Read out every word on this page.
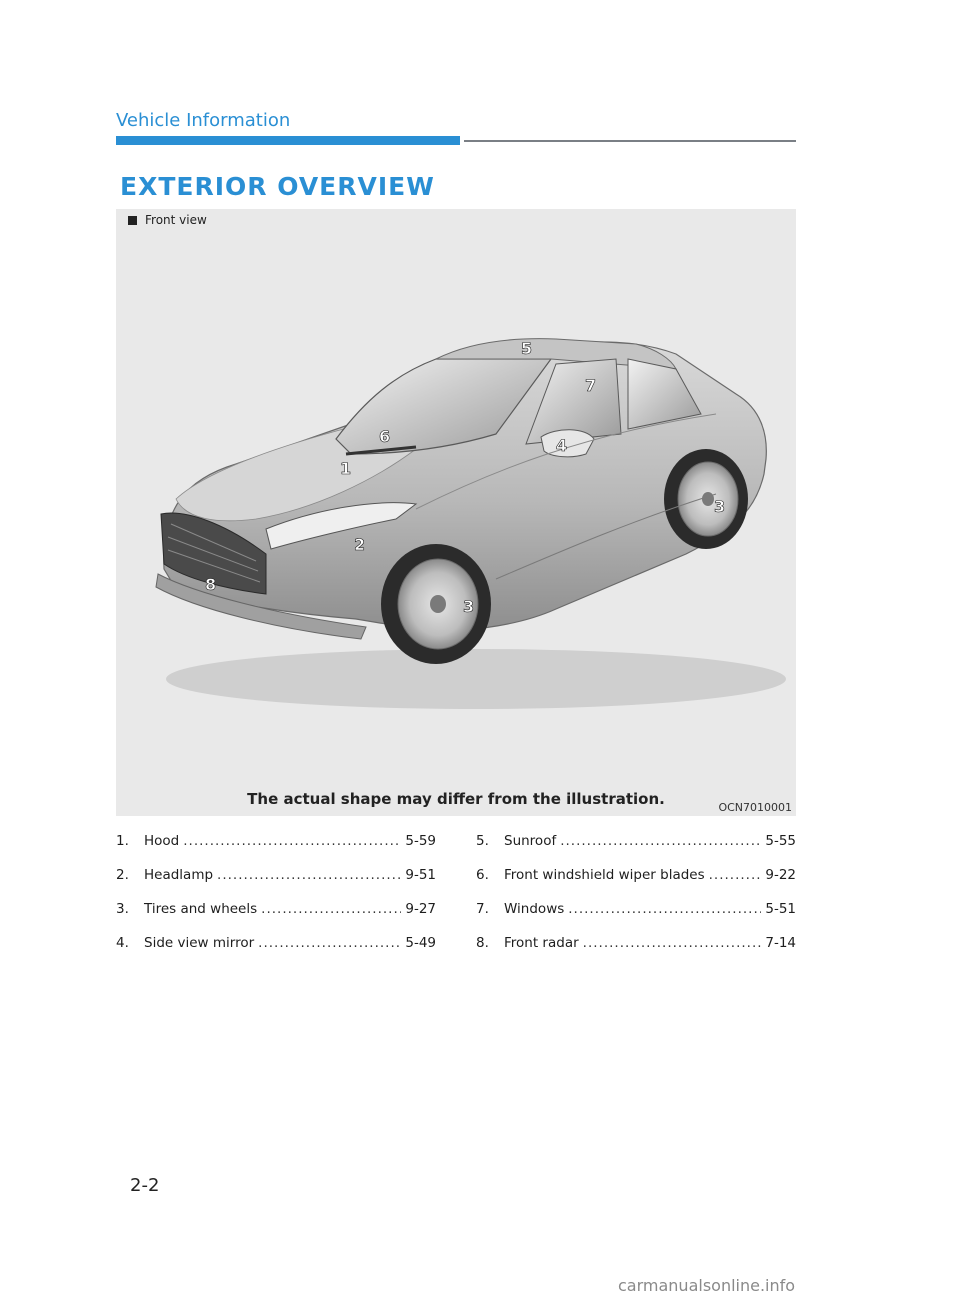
Vehicle Information
EXTERIOR OVERVIEW
Front view
1
2
3
3
4
5
6
7
8
The actual shape may differ from the illustration.	OCN7010001
1.	Hood .....	5-59
2.	Headlamp .....	9-51
3.	Tires and wheels .....	9-27
4.	Side view mirror .....	5-49
5.	Sunroof .....	5-55
6.	Front windshield wiper blades .....	9-22
7.	Windows .....	5-51
8.	Front radar .....	7-14
2-2
carmanualsonline.info
